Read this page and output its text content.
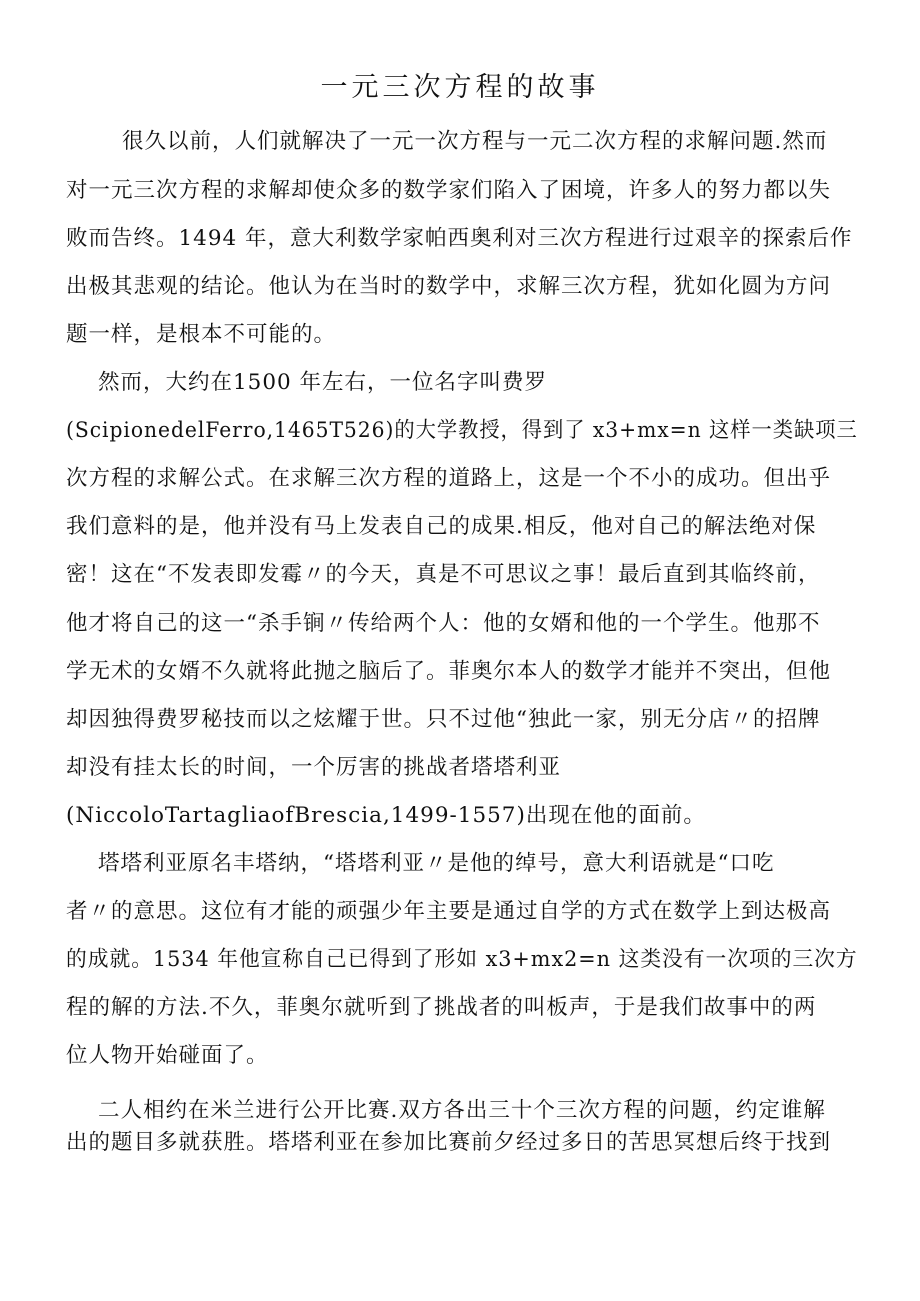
一元三次方程的故事
很久以前，人们就解决了一元一次方程与一元二次方程的求解问题.然而
对一元三次方程的求解却使众多的数学家们陷入了困境，许多人的努力都以失
败而告终。1494 年，意大利数学家帕西奥利对三次方程进行过艰辛的探索后作
出极其悲观的结论。他认为在当时的数学中，求解三次方程，犹如化圆为方问
题一样，是根本不可能的。
然而，大约在1500 年左右，一位名字叫费罗
(ScipionedelFerro,1465T526)的大学教授，得到了 x3+mx=n 这样一类缺项三
次方程的求解公式。在求解三次方程的道路上，这是一个不小的成功。但出乎
我们意料的是，他并没有马上发表自己的成果.相反，他对自己的解法绝对保
密！这在“不发表即发霉〃的今天，真是不可思议之事！最后直到其临终前，
他才将自己的这一“杀手锏〃传给两个人：他的女婿和他的一个学生。他那不
学无术的女婿不久就将此抛之脑后了。菲奥尔本人的数学才能并不突出，但他
却因独得费罗秘技而以之炫耀于世。只不过他“独此一家，别无分店〃的招牌
却没有挂太长的时间，一个厉害的挑战者塔塔利亚
(NiccoloTartagliaofBrescia,1499-1557)出现在他的面前。
塔塔利亚原名丰塔纳，“塔塔利亚〃是他的绰号，意大利语就是“口吃
者〃的意思。这位有才能的顽强少年主要是通过自学的方式在数学上到达极高
的成就。1534 年他宣称自己已得到了形如 x3+mx2=n 这类没有一次项的三次方
程的解的方法.不久，菲奥尔就听到了挑战者的叫板声，于是我们故事中的两
位人物开始碰面了。
二人相约在米兰进行公开比赛.双方各出三十个三次方程的问题，约定谁解
出的题目多就获胜。塔塔利亚在参加比赛前夕经过多日的苦思冥想后终于找到
